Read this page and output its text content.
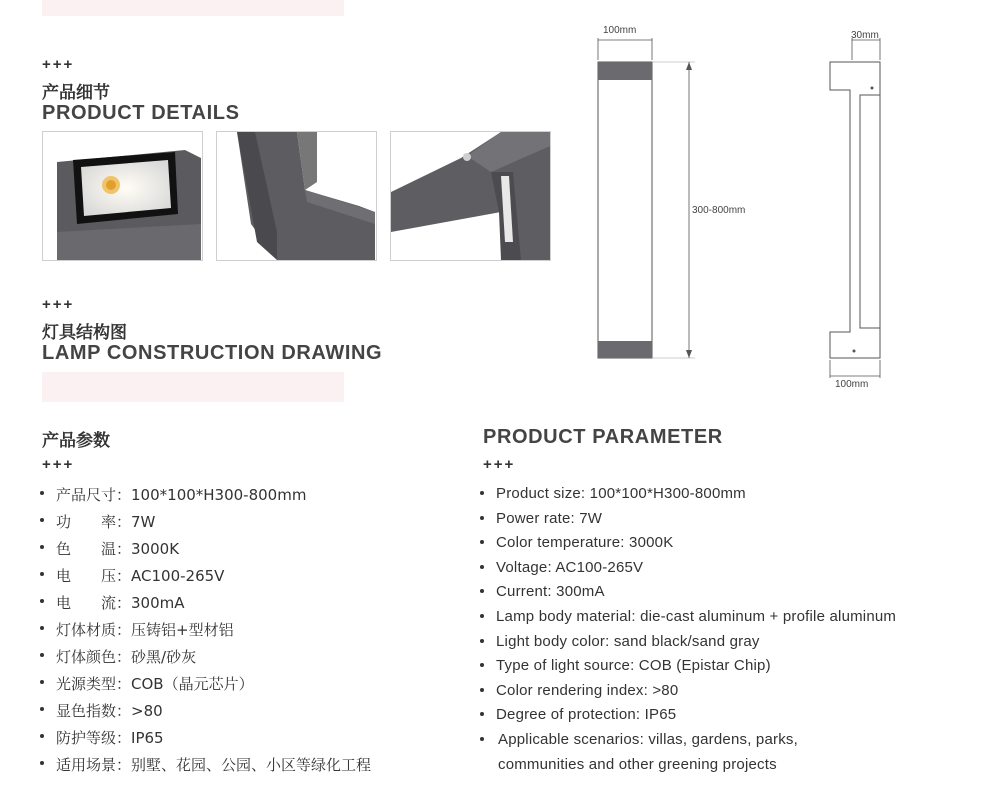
+++
产品细节
PRODUCT DETAILS
+++
灯具结构图
LAMP CONSTRUCTION DRAWING
100mm
300-800mm
30mm
100mm
产品参数
+++
产品尺寸：100*100*H300-800mm
功　　率：7W
色　　温：3000K
电　　压：AC100-265V
电　　流：300mA
灯体材质：压铸铝+型材铝
灯体颜色：砂黑/砂灰
光源类型：COB（晶元芯片）
显色指数：>80
防护等级：IP65
适用场景：别墅、花园、公园、小区等绿化工程
PRODUCT PARAMETER
+++
Product size: 100*100*H300-800mm
Power rate: 7W
Color temperature: 3000K
Voltage: AC100-265V
Current: 300mA
Lamp body material: die-cast aluminum + profile aluminum
Light body color: sand black/sand gray
Type of light source: COB (Epistar Chip)
Color rendering index: >80
Degree of protection: IP65
Applicable scenarios: villas, gardens, parks,
communities and other greening projects
